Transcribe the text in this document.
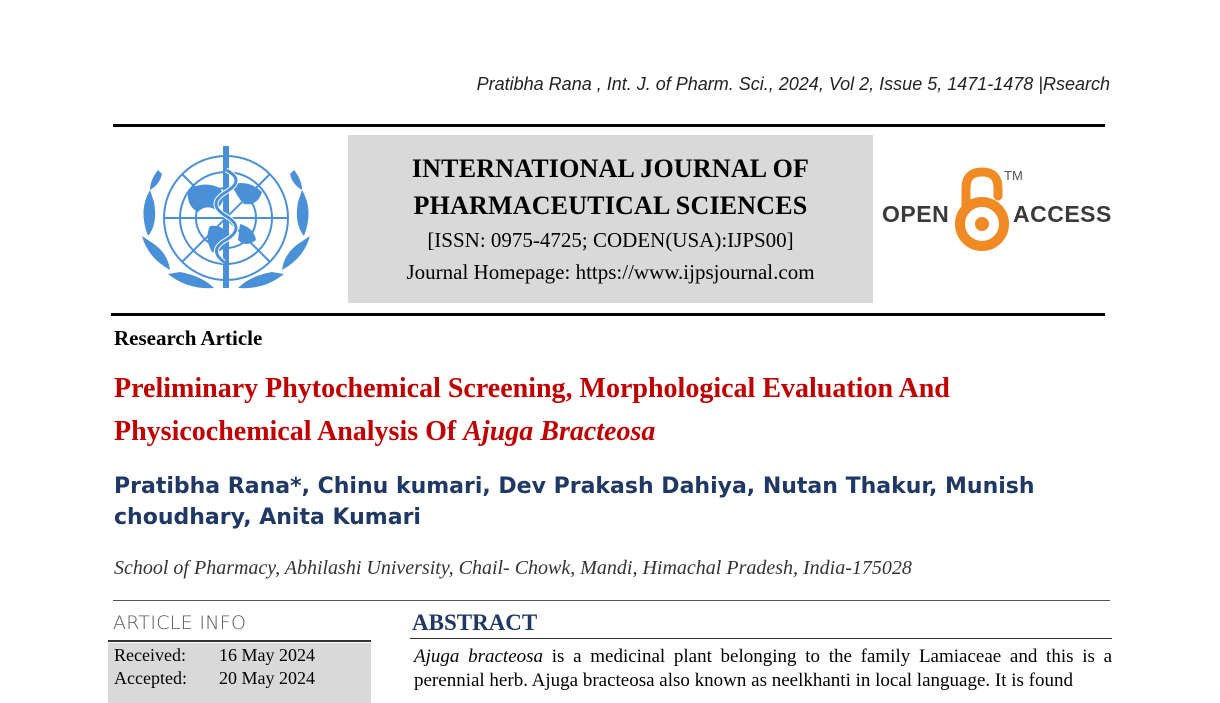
Pratibha Rana , Int. J. of Pharm. Sci., 2024, Vol 2, Issue 5, 1471-1478 |Rsearch
INTERNATIONAL JOURNAL OF
PHARMACEUTICAL SCIENCES
[ISSN: 0975-4725; CODEN(USA):IJPS00]
Journal Homepage: https://www.ijpsjournal.com
OPEN
TM
ACCESS
Research Article
Preliminary Phytochemical Screening, Morphological Evaluation And Physicochemical Analysis Of Ajuga Bracteosa
Pratibha Rana*, Chinu kumari, Dev Prakash Dahiya, Nutan Thakur, Munish choudhary, Anita Kumari
School of Pharmacy, Abhilashi University, Chail- Chowk, Mandi, Himachal Pradesh, India-175028
ARTICLE INFO
Received: 16 May 2024
Accepted: 20 May 2024
ABSTRACT
Ajuga bracteosa is a medicinal plant belonging to the family Lamiaceae and this is a perennial herb. Ajuga bracteosa also known as neelkhanti in local language. It is found
